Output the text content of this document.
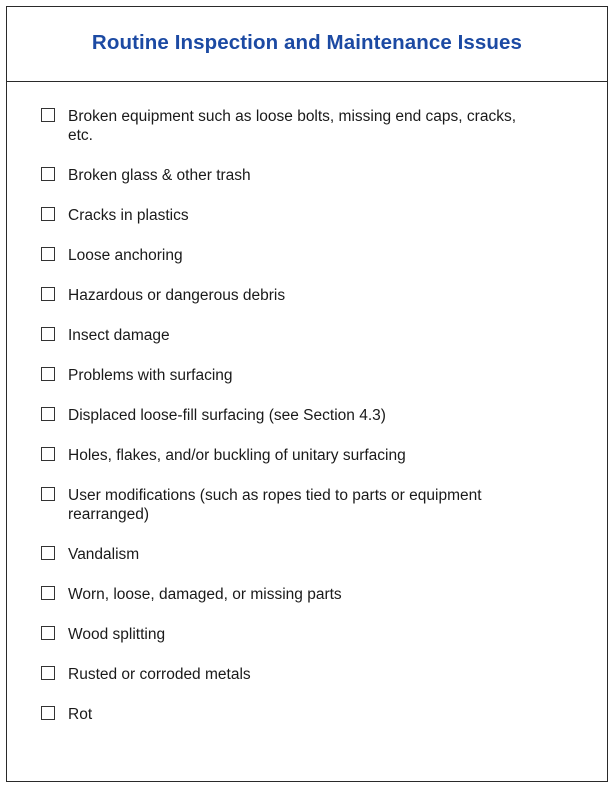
Routine Inspection and Maintenance Issues
Broken equipment such as loose bolts, missing end caps, cracks, etc.
Broken glass & other trash
Cracks in plastics
Loose anchoring
Hazardous or dangerous debris
Insect damage
Problems with surfacing
Displaced loose-fill surfacing (see Section 4.3)
Holes, flakes, and/or buckling of unitary surfacing
User modifications (such as ropes tied to parts or equipment rearranged)
Vandalism
Worn, loose, damaged, or missing parts
Wood splitting
Rusted or corroded metals
Rot
